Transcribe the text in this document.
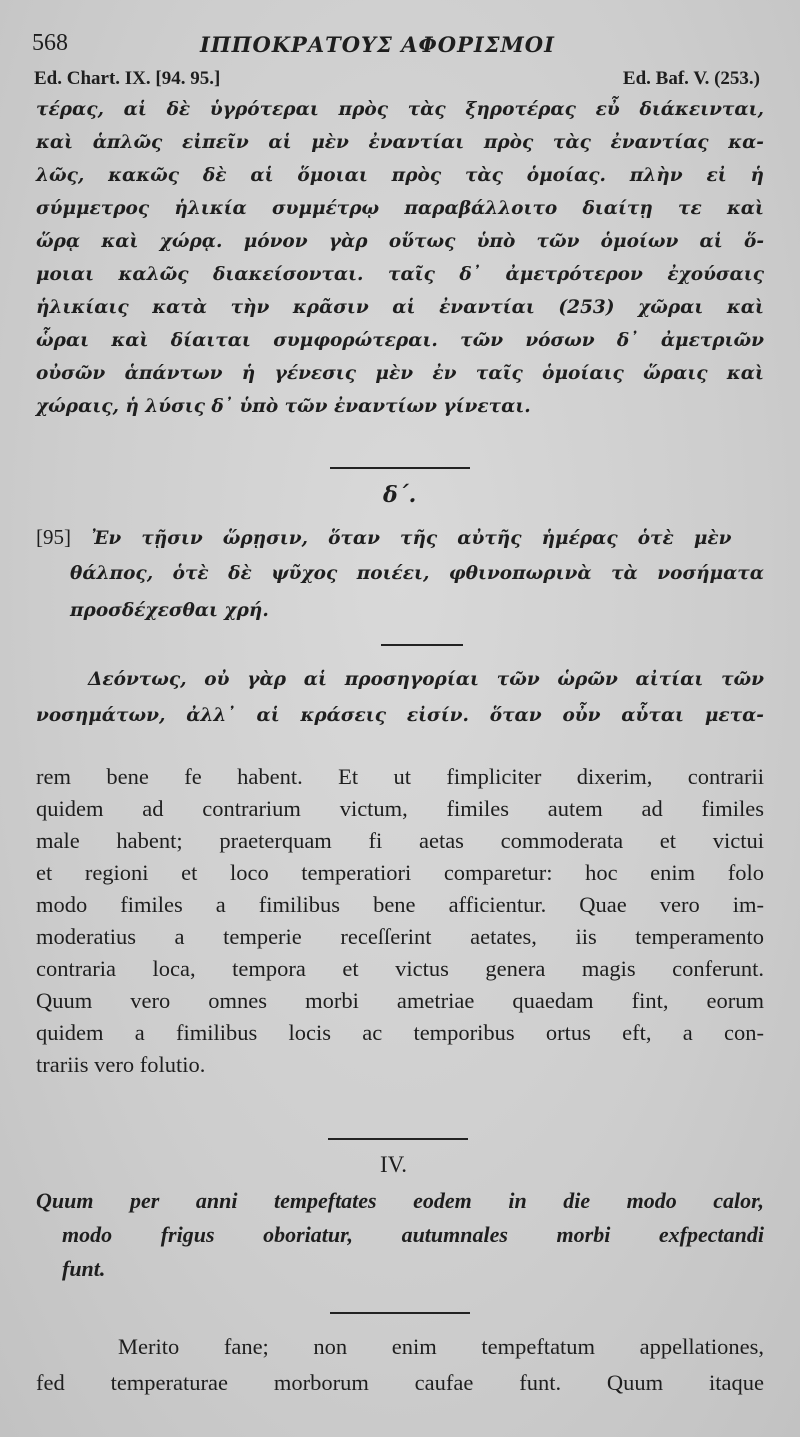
568	ΙΠΠΟΚΡΑΤΟΥΣ ΑΦΟΡΙΣΜΟΙ
Ed. Chart. IX. [94. 95.]	Ed. Baf. V. (253.)
τέρας, αἱ δὲ ὑγρότεραι πρὸς τὰς ξηροτέρας εὖ διάκεινται,
καὶ ἁπλῶς εἰπεῖν αἱ μὲν ἐναντίαι πρὸς τὰς ἐναντίας κα-
λῶς, κακῶς δὲ αἱ ὅμοιαι πρὸς τὰς ὁμοίας. πλὴν εἰ ἡ
σύμμετρος ἡλικία συμμέτρῳ παραβάλλοιτο διαίτῃ τε καὶ
ὥρᾳ καὶ χώρᾳ. μόνον γὰρ οὕτως ὑπὸ τῶν ὁμοίων αἱ ὅ-
μοιαι καλῶς διακείσονται. ταῖς δ᾽ ἀμετρότερον ἐχούσαις
ἡλικίαις κατὰ τὴν κρᾶσιν αἱ ἐναντίαι (253) χῶραι καὶ
ὧραι καὶ δίαιται συμφορώτεραι. τῶν νόσων δ᾽ ἀμετριῶν
οὐσῶν ἁπάντων ἡ γένεσις μὲν ἐν ταῖς ὁμοίαις ὥραις καὶ
χώραις, ἡ λύσις δ᾽ ὑπὸ τῶν ἐναντίων γίνεται.
δ΄.
[95] Ἐν τῇσιν ὥρῃσιν, ὅταν τῆς αὐτῆς ἡμέρας ὁτὲ μὲν
θάλπος, ὁτὲ δὲ ψῦχος ποιέει, φθινοπωρινὰ τὰ νοσήματα
προσδέχεσθαι χρή.
Δεόντως, οὐ γὰρ αἱ προσηγορίαι τῶν ὡρῶν αἰτίαι τῶν
νοσημάτων, ἀλλ᾽ αἱ κράσεις εἰσίν. ὅταν οὖν αὗται μετα-
rem bene fe habent. Et ut fimpliciter dixerim, contrarii
quidem ad contrarium victum, fimiles autem ad fimiles
male habent; praeterquam fi aetas commoderata et victui
et regioni et loco temperatiori comparetur: hoc enim folo
modo fimiles a fimilibus bene afficientur. Quae vero im-
moderatius a temperie receſſerint aetates, iis temperamento
contraria loca, tempora et victus genera magis conferunt.
Quum vero omnes morbi ametriae quaedam fint, eorum
quidem a fimilibus locis ac temporibus ortus eft, a con-
trariis vero folutio.
IV.
Quum per anni tempeftates eodem in die modo calor,
modo frigus oboriatur, autumnales morbi exfpectandi
funt.
Merito fane; non enim tempeftatum appellationes,
fed temperaturae morborum caufae funt. Quum itaque
